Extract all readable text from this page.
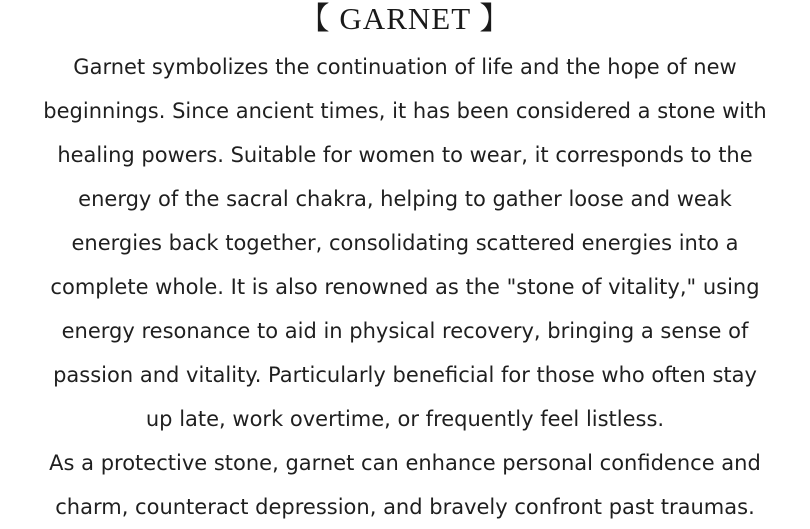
【 GARNET 】
Garnet symbolizes the continuation of life and the hope of new
beginnings. Since ancient times, it has been considered a stone with
healing powers. Suitable for women to wear, it corresponds to the
energy of the sacral chakra, helping to gather loose and weak
energies back together, consolidating scattered energies into a
complete whole. It is also renowned as the "stone of vitality," using
energy resonance to aid in physical recovery, bringing a sense of
passion and vitality. Particularly beneficial for those who often stay
up late, work overtime, or frequently feel listless.
As a protective stone, garnet can enhance personal confidence and
charm, counteract depression, and bravely confront past traumas.
